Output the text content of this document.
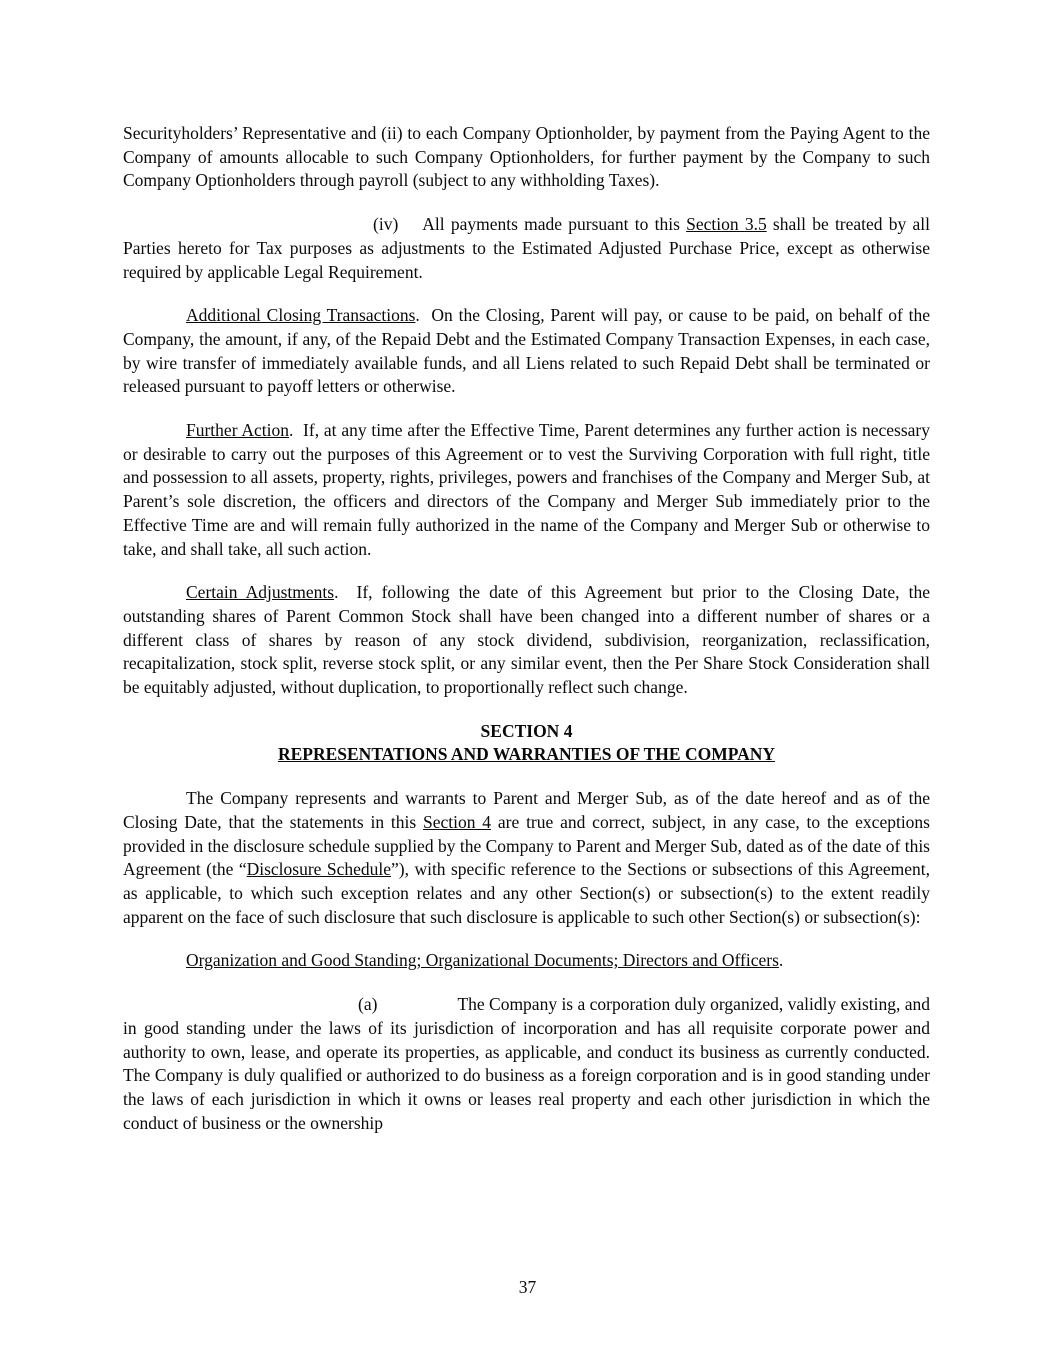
Securityholders’ Representative and (ii) to each Company Optionholder, by payment from the Paying Agent to the Company of amounts allocable to such Company Optionholders, for further payment by the Company to such Company Optionholders through payroll (subject to any withholding Taxes).
(iv) All payments made pursuant to this Section 3.5 shall be treated by all Parties hereto for Tax purposes as adjustments to the Estimated Adjusted Purchase Price, except as otherwise required by applicable Legal Requirement.
Additional Closing Transactions.  On the Closing, Parent will pay, or cause to be paid, on behalf of the Company, the amount, if any, of the Repaid Debt and the Estimated Company Transaction Expenses, in each case, by wire transfer of immediately available funds, and all Liens related to such Repaid Debt shall be terminated or released pursuant to payoff letters or otherwise.
Further Action.  If, at any time after the Effective Time, Parent determines any further action is necessary or desirable to carry out the purposes of this Agreement or to vest the Surviving Corporation with full right, title and possession to all assets, property, rights, privileges, powers and franchises of the Company and Merger Sub, at Parent’s sole discretion, the officers and directors of the Company and Merger Sub immediately prior to the Effective Time are and will remain fully authorized in the name of the Company and Merger Sub or otherwise to take, and shall take, all such action.
Certain Adjustments.  If, following the date of this Agreement but prior to the Closing Date, the outstanding shares of Parent Common Stock shall have been changed into a different number of shares or a different class of shares by reason of any stock dividend, subdivision, reorganization, reclassification, recapitalization, stock split, reverse stock split, or any similar event, then the Per Share Stock Consideration shall be equitably adjusted, without duplication, to proportionally reflect such change.
SECTION 4
REPRESENTATIONS AND WARRANTIES OF THE COMPANY
The Company represents and warrants to Parent and Merger Sub, as of the date hereof and as of the Closing Date, that the statements in this Section 4 are true and correct, subject, in any case, to the exceptions provided in the disclosure schedule supplied by the Company to Parent and Merger Sub, dated as of the date of this Agreement (the “Disclosure Schedule”), with specific reference to the Sections or subsections of this Agreement, as applicable, to which such exception relates and any other Section(s) or subsection(s) to the extent readily apparent on the face of such disclosure that such disclosure is applicable to such other Section(s) or subsection(s):
Organization and Good Standing; Organizational Documents; Directors and Officers.
(a)	The Company is a corporation duly organized, validly existing, and in good standing under the laws of its jurisdiction of incorporation and has all requisite corporate power and authority to own, lease, and operate its properties, as applicable, and conduct its business as currently conducted.  The Company is duly qualified or authorized to do business as a foreign corporation and is in good standing under the laws of each jurisdiction in which it owns or leases real property and each other jurisdiction in which the conduct of business or the ownership
37
